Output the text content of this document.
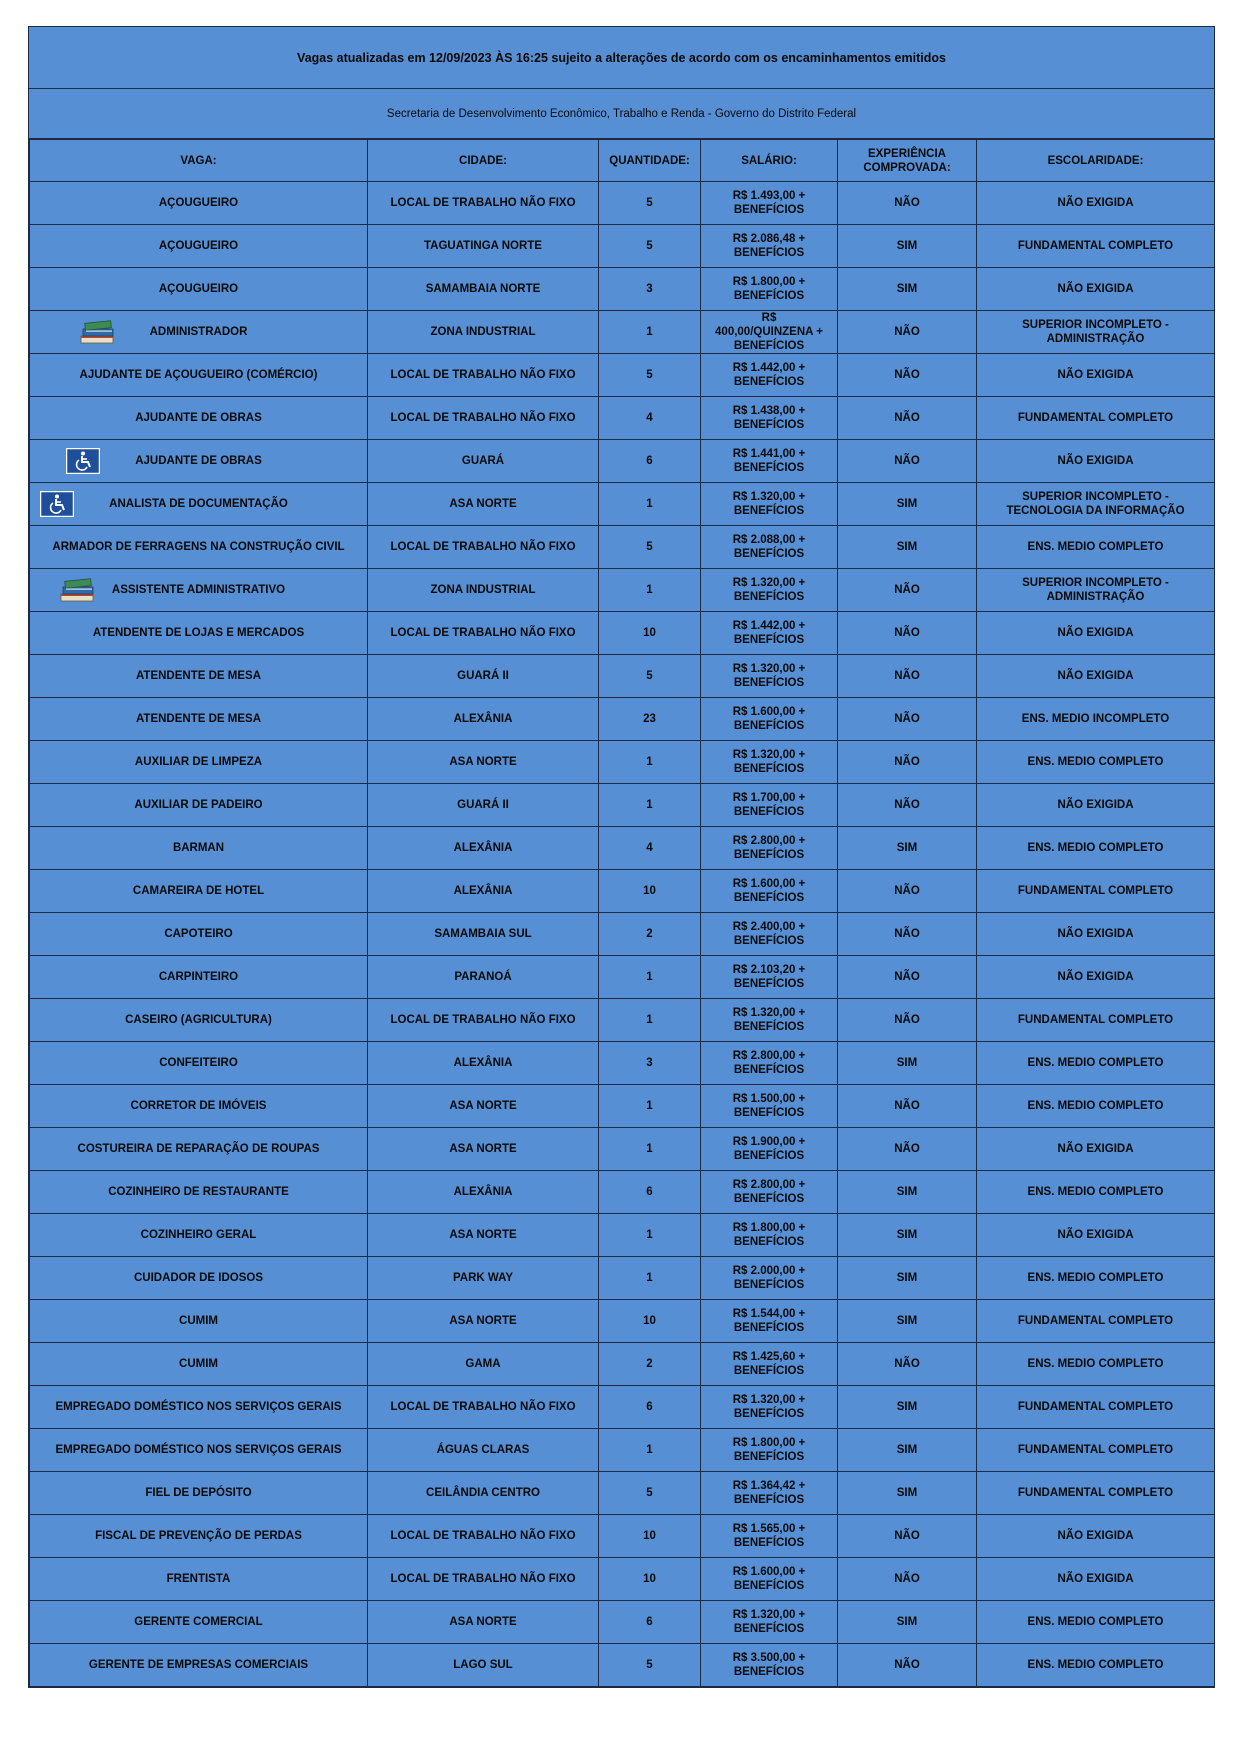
Vagas atualizadas em 12/09/2023 ÀS 16:25 sujeito a alterações de acordo com os encaminhamentos emitidos
Secretaria de Desenvolvimento Econômico, Trabalho e Renda - Governo do Distrito Federal
VAGA:	CIDADE:	QUANTIDADE:	SALÁRIO:	EXPERIÊNCIA COMPROVADA:	ESCOLARIDADE:
AÇOUGUEIRO	LOCAL DE TRABALHO NÃO FIXO	5	R$ 1.493,00 + BENEFÍCIOS	NÃO	NÃO EXIGIDA
AÇOUGUEIRO	TAGUATINGA NORTE	5	R$ 2.086,48 + BENEFÍCIOS	SIM	FUNDAMENTAL COMPLETO
AÇOUGUEIRO	SAMAMBAIA NORTE	3	R$ 1.800,00 + BENEFÍCIOS	SIM	NÃO EXIGIDA

ADMINISTRADOR	ZONA INDUSTRIAL	1	R$ 400,00/QUINZENA + BENEFÍCIOS	NÃO	SUPERIOR INCOMPLETO - ADMINISTRAÇÃO
AJUDANTE DE AÇOUGUEIRO (COMÉRCIO)	LOCAL DE TRABALHO NÃO FIXO	5	R$ 1.442,00 + BENEFÍCIOS	NÃO	NÃO EXIGIDA
AJUDANTE DE OBRAS	LOCAL DE TRABALHO NÃO FIXO	4	R$ 1.438,00 + BENEFÍCIOS	NÃO	FUNDAMENTAL COMPLETO

AJUDANTE DE OBRAS	GUARÁ	6	R$ 1.441,00 + BENEFÍCIOS	NÃO	NÃO EXIGIDA

ANALISTA DE DOCUMENTAÇÃO	ASA NORTE	1	R$ 1.320,00 + BENEFÍCIOS	SIM	SUPERIOR INCOMPLETO - TECNOLOGIA DA INFORMAÇÃO
ARMADOR DE FERRAGENS NA CONSTRUÇÃO CIVIL	LOCAL DE TRABALHO NÃO FIXO	5	R$ 2.088,00 + BENEFÍCIOS	SIM	ENS. MEDIO COMPLETO

ASSISTENTE ADMINISTRATIVO	ZONA INDUSTRIAL	1	R$ 1.320,00 + BENEFÍCIOS	NÃO	SUPERIOR INCOMPLETO - ADMINISTRAÇÃO
ATENDENTE DE LOJAS E MERCADOS	LOCAL DE TRABALHO NÃO FIXO	10	R$ 1.442,00 + BENEFÍCIOS	NÃO	NÃO EXIGIDA
ATENDENTE DE MESA	GUARÁ II	5	R$ 1.320,00 + BENEFÍCIOS	NÃO	NÃO EXIGIDA
ATENDENTE DE MESA	ALEXÂNIA	23	R$ 1.600,00 + BENEFÍCIOS	NÃO	ENS. MEDIO INCOMPLETO
AUXILIAR DE LIMPEZA	ASA NORTE	1	R$ 1.320,00 + BENEFÍCIOS	NÃO	ENS. MEDIO COMPLETO
AUXILIAR DE PADEIRO	GUARÁ II	1	R$ 1.700,00 + BENEFÍCIOS	NÃO	NÃO EXIGIDA
BARMAN	ALEXÂNIA	4	R$ 2.800,00 + BENEFÍCIOS	SIM	ENS. MEDIO COMPLETO
CAMAREIRA DE HOTEL	ALEXÂNIA	10	R$ 1.600,00 + BENEFÍCIOS	NÃO	FUNDAMENTAL COMPLETO
CAPOTEIRO	SAMAMBAIA SUL	2	R$ 2.400,00 + BENEFÍCIOS	NÃO	NÃO EXIGIDA
CARPINTEIRO	PARANOÁ	1	R$ 2.103,20 + BENEFÍCIOS	NÃO	NÃO EXIGIDA
CASEIRO (AGRICULTURA)	LOCAL DE TRABALHO NÃO FIXO	1	R$ 1.320,00 + BENEFÍCIOS	NÃO	FUNDAMENTAL COMPLETO
CONFEITEIRO	ALEXÂNIA	3	R$ 2.800,00 + BENEFÍCIOS	SIM	ENS. MEDIO COMPLETO
CORRETOR DE IMÓVEIS	ASA NORTE	1	R$ 1.500,00 + BENEFÍCIOS	NÃO	ENS. MEDIO COMPLETO
COSTUREIRA DE REPARAÇÃO DE ROUPAS	ASA NORTE	1	R$ 1.900,00 + BENEFÍCIOS	NÃO	NÃO EXIGIDA
COZINHEIRO DE RESTAURANTE	ALEXÂNIA	6	R$ 2.800,00 + BENEFÍCIOS	SIM	ENS. MEDIO COMPLETO
COZINHEIRO GERAL	ASA NORTE	1	R$ 1.800,00 + BENEFÍCIOS	SIM	NÃO EXIGIDA
CUIDADOR DE IDOSOS	PARK WAY	1	R$ 2.000,00 + BENEFÍCIOS	SIM	ENS. MEDIO COMPLETO
CUMIM	ASA NORTE	10	R$ 1.544,00 + BENEFÍCIOS	SIM	FUNDAMENTAL COMPLETO
CUMIM	GAMA	2	R$ 1.425,60 + BENEFÍCIOS	NÃO	ENS. MEDIO COMPLETO
EMPREGADO DOMÉSTICO NOS SERVIÇOS GERAIS	LOCAL DE TRABALHO NÃO FIXO	6	R$ 1.320,00 + BENEFÍCIOS	SIM	FUNDAMENTAL COMPLETO
EMPREGADO DOMÉSTICO NOS SERVIÇOS GERAIS	ÁGUAS CLARAS	1	R$ 1.800,00 + BENEFÍCIOS	SIM	FUNDAMENTAL COMPLETO
FIEL DE DEPÓSITO	CEILÂNDIA CENTRO	5	R$ 1.364,42 + BENEFÍCIOS	SIM	FUNDAMENTAL COMPLETO
FISCAL DE PREVENÇÃO DE PERDAS	LOCAL DE TRABALHO NÃO FIXO	10	R$ 1.565,00 + BENEFÍCIOS	NÃO	NÃO EXIGIDA
FRENTISTA	LOCAL DE TRABALHO NÃO FIXO	10	R$ 1.600,00 + BENEFÍCIOS	NÃO	NÃO EXIGIDA
GERENTE COMERCIAL	ASA NORTE	6	R$ 1.320,00 + BENEFÍCIOS	SIM	ENS. MEDIO COMPLETO
GERENTE DE EMPRESAS COMERCIAIS	LAGO SUL	5	R$ 3.500,00 + BENEFÍCIOS	NÃO	ENS. MEDIO COMPLETO
